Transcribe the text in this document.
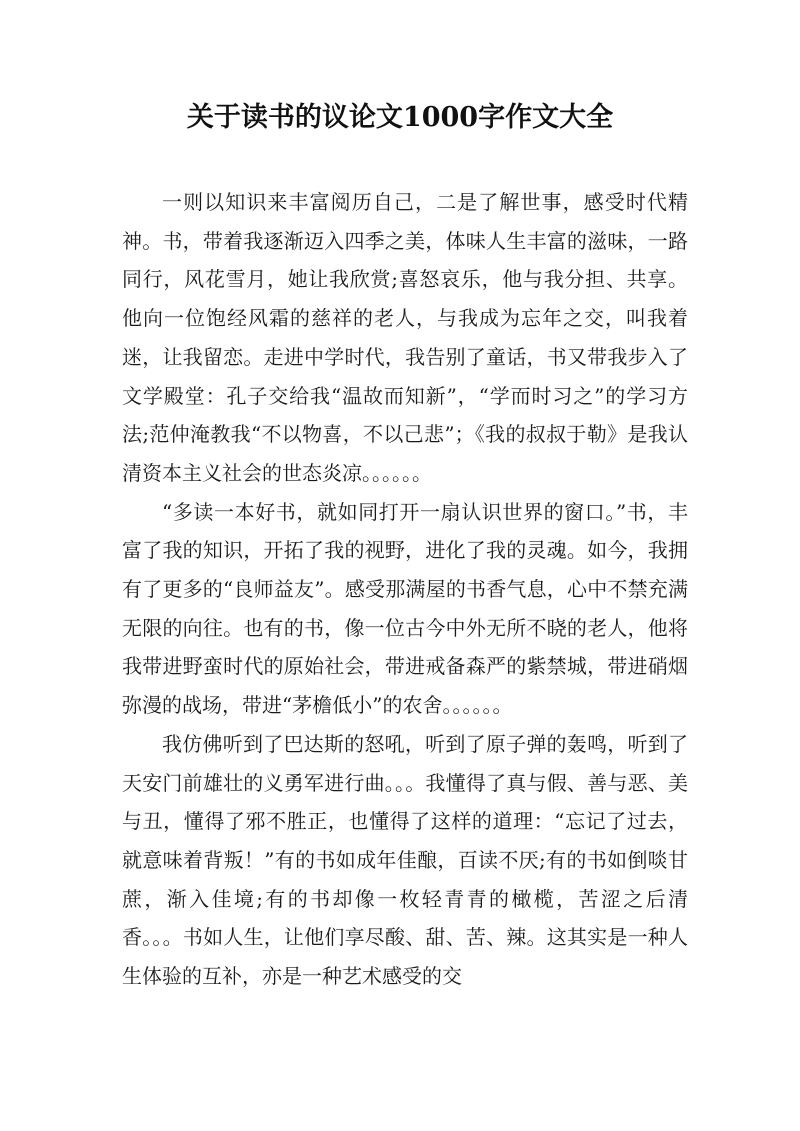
关于读书的议论文1000字作文大全

一则以知识来丰富阅历自己，二是了解世事，感受时代精神。书，带着我逐渐迈入四季之美，体味人生丰富的滋味，一路同行，风花雪月，她让我欣赏;喜怒哀乐，他与我分担、共享。他向一位饱经风霜的慈祥的老人，与我成为忘年之交，叫我着迷，让我留恋。走进中学时代，我告别了童话，书又带我步入了文学殿堂：孔子交给我“温故而知新”，“学而时习之”的学习方法;范仲淹教我“不以物喜，不以己悲”；《我的叔叔于勒》是我认清资本主义社会的世态炎凉。。。。。。

“多读一本好书，就如同打开一扇认识世界的窗口。”书，丰富了我的知识，开拓了我的视野，进化了我的灵魂。如今，我拥有了更多的“良师益友”。感受那满屋的书香气息，心中不禁充满无限的向往。也有的书，像一位古今中外无所不晓的老人，他将我带进野蛮时代的原始社会，带进戒备森严的紫禁城，带进硝烟弥漫的战场，带进“茅檐低小”的农舍。。。。。。

我仿佛听到了巴达斯的怒吼，听到了原子弹的轰鸣，听到了天安门前雄壮的义勇军进行曲。。。我懂得了真与假、善与恶、美与丑，懂得了邪不胜正，也懂得了这样的道理：“忘记了过去，就意味着背叛！”有的书如成年佳酿，百读不厌;有的书如倒啖甘蔗，渐入佳境;有的书却像一枚轻青青的橄榄，苦涩之后清香。。。书如人生，让他们享尽酸、甜、苦、辣。这其实是一种人生体验的互补，亦是一种艺术感受的交
